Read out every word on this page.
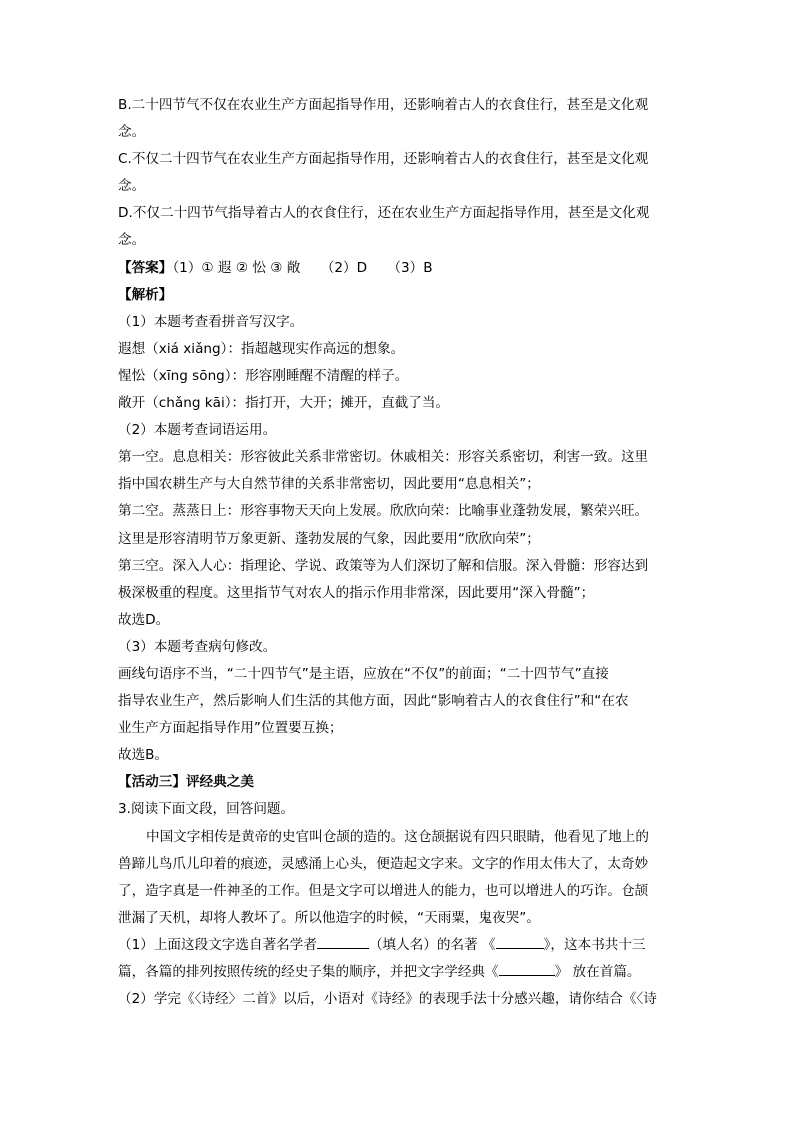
B.二十四节气不仅在农业生产方面起指导作用，还影响着古人的衣食住行，甚至是文化观
念。
C.不仅二十四节气在农业生产方面起指导作用，还影响着古人的衣食住行，甚至是文化观
念。
D.不仅二十四节气指导着古人的衣食住行，还在农业生产方面起指导作用，甚至是文化观
念。
【答案】（1）① 遐 ② 忪 ③ 敞　　（2）D　　（3）B
【解析】
（1）本题考查看拼音写汉字。
遐想（xiá xiǎng）：指超越现实作高远的想象。
惺忪（xīng sōng）：形容刚睡醒不清醒的样子。
敞开（chǎng kāi）：指打开，大开；摊开，直截了当。
（2）本题考查词语运用。
第一空。息息相关：形容彼此关系非常密切。休戚相关：形容关系密切，利害一致。这里
指中国农耕生产与大自然节律的关系非常密切，因此要用“息息相关”；
第二空。蒸蒸日上：形容事物天天向上发展。欣欣向荣：比喻事业蓬勃发展，繁荣兴旺。
这里是形容清明节万象更新、蓬勃发展的气象，因此要用“欣欣向荣”；
第三空。深入人心：指理论、学说、政策等为人们深切了解和信服。深入骨髓：形容达到
极深极重的程度。这里指节气对农人的指示作用非常深，因此要用“深入骨髓”；
故选D。
（3）本题考查病句修改。
画线句语序不当，“二十四节气”是主语，应放在“不仅”的前面；“二十四节气”直接
指导农业生产，然后影响人们生活的其他方面，因此“影响着古人的衣食住行”和“在农
业生产方面起指导作用”位置要互换；
故选B。
【活动三】评经典之美
3.阅读下面文段，回答问题。
中国文字相传是黄帝的史官叫仓颉的造的。这仓颉据说有四只眼睛，他看见了地上的
兽蹄儿鸟爪儿印着的痕迹，灵感涌上心头，便造起文字来。文字的作用太伟大了，太奇妙
了，造字真是一件神圣的工作。但是文字可以增进人的能力，也可以增进人的巧诈。仓颉
泄漏了天机，却将人教坏了。所以他造字的时候，“天雨粟，鬼夜哭”。
（1）上面这段文字选自著名学者	（填人名）的名著 《	》，这本书共十三
篇，各篇的排列按照传统的经史子集的顺序，并把文字学经典《	》 放在首篇。
（2）学完《〈诗经〉二首》以后，小语对《诗经》的表现手法十分感兴趣，请你结合《〈诗
